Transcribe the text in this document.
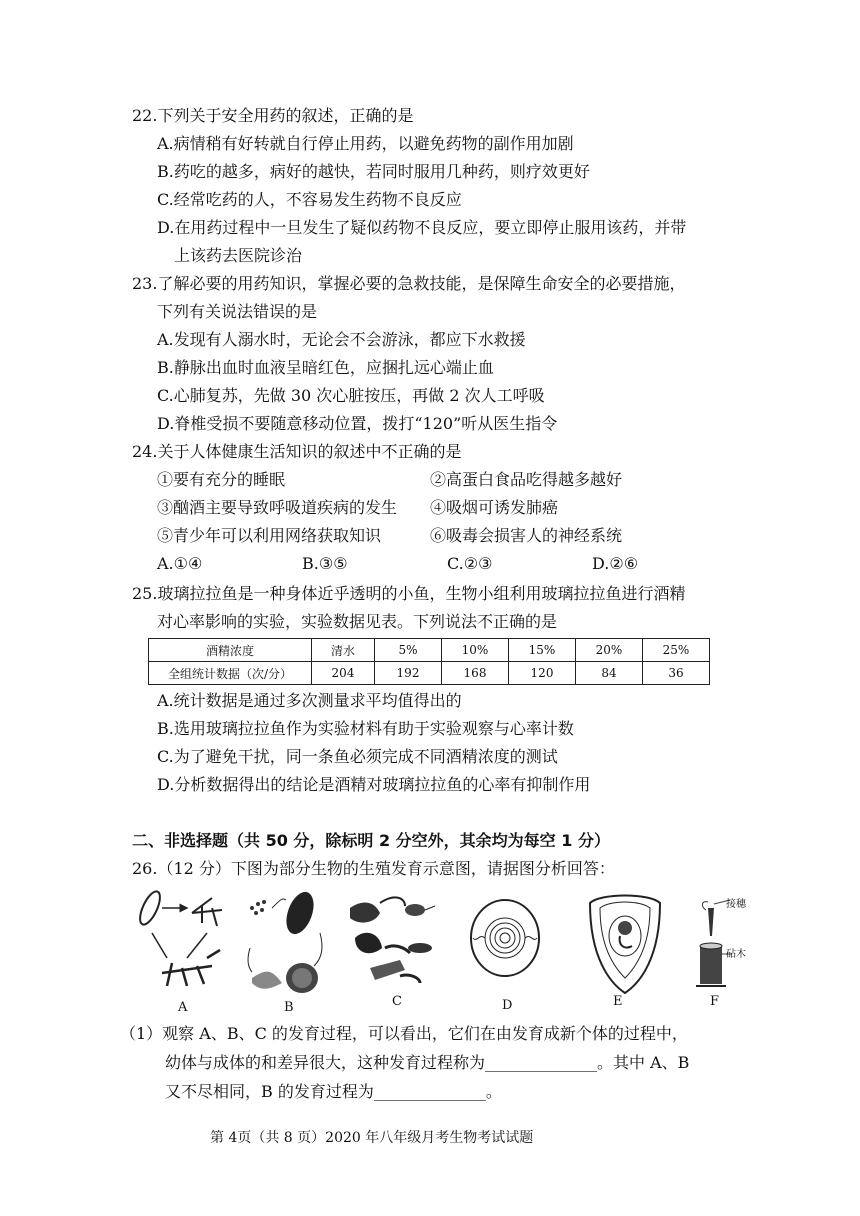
22.下列关于安全用药的叙述，正确的是
A.病情稍有好转就自行停止用药，以避免药物的副作用加剧
B.药吃的越多，病好的越快，若同时服用几种药，则疗效更好
C.经常吃药的人，不容易发生药物不良反应
D.在用药过程中一旦发生了疑似药物不良反应，要立即停止服用该药，并带
上该药去医院诊治
23.了解必要的用药知识，掌握必要的急救技能，是保障生命安全的必要措施，
下列有关说法错误的是
A.发现有人溺水时，无论会不会游泳，都应下水救援
B.静脉出血时血液呈暗红色，应捆扎远心端止血
C.心肺复苏，先做 30 次心脏按压，再做 2 次人工呼吸
D.脊椎受损不要随意移动位置，拨打“120”听从医生指令
24.关于人体健康生活知识的叙述中不正确的是
①要有充分的睡眠	②高蛋白食品吃得越多越好
③酗酒主要导致呼吸道疾病的发生 ④吸烟可诱发肺癌
⑤青少年可以利用网络获取知识	⑥吸毒会损害人的神经系统
A.①④	B.③⑤	C.②③	D.②⑥
25.玻璃拉拉鱼是一种身体近乎透明的小鱼，生物小组利用玻璃拉拉鱼进行酒精
对心率影响的实验，实验数据见表。下列说法不正确的是
酒精浓度	清水	5%	10%	15%	20%	25%
全组统计数据（次/分）	204	192	168	120	84	36
A.统计数据是通过多次测量求平均值得出的
B.选用玻璃拉拉鱼作为实验材料有助于实验观察与心率计数
C.为了避免干扰，同一条鱼必须完成不同酒精浓度的测试
D.分析数据得出的结论是酒精对玻璃拉拉鱼的心率有抑制作用
二、非选择题（共 50 分，除标明 2 分空外，其余均为每空 1 分）
26.（12 分）下图为部分生物的生殖发育示意图，请据图分析回答：
接穗
砧木
A	B	C	D	E	F
（1）观察 A、B、C 的发育过程，可以看出，它们在由发育成新个体的过程中，
幼体与成体的和差异很大，这种发育过程称为______________。其中 A、B
又不尽相同，B 的发育过程为______________。
第 4页（共 8 页）2020 年八年级月考生物考试试题
